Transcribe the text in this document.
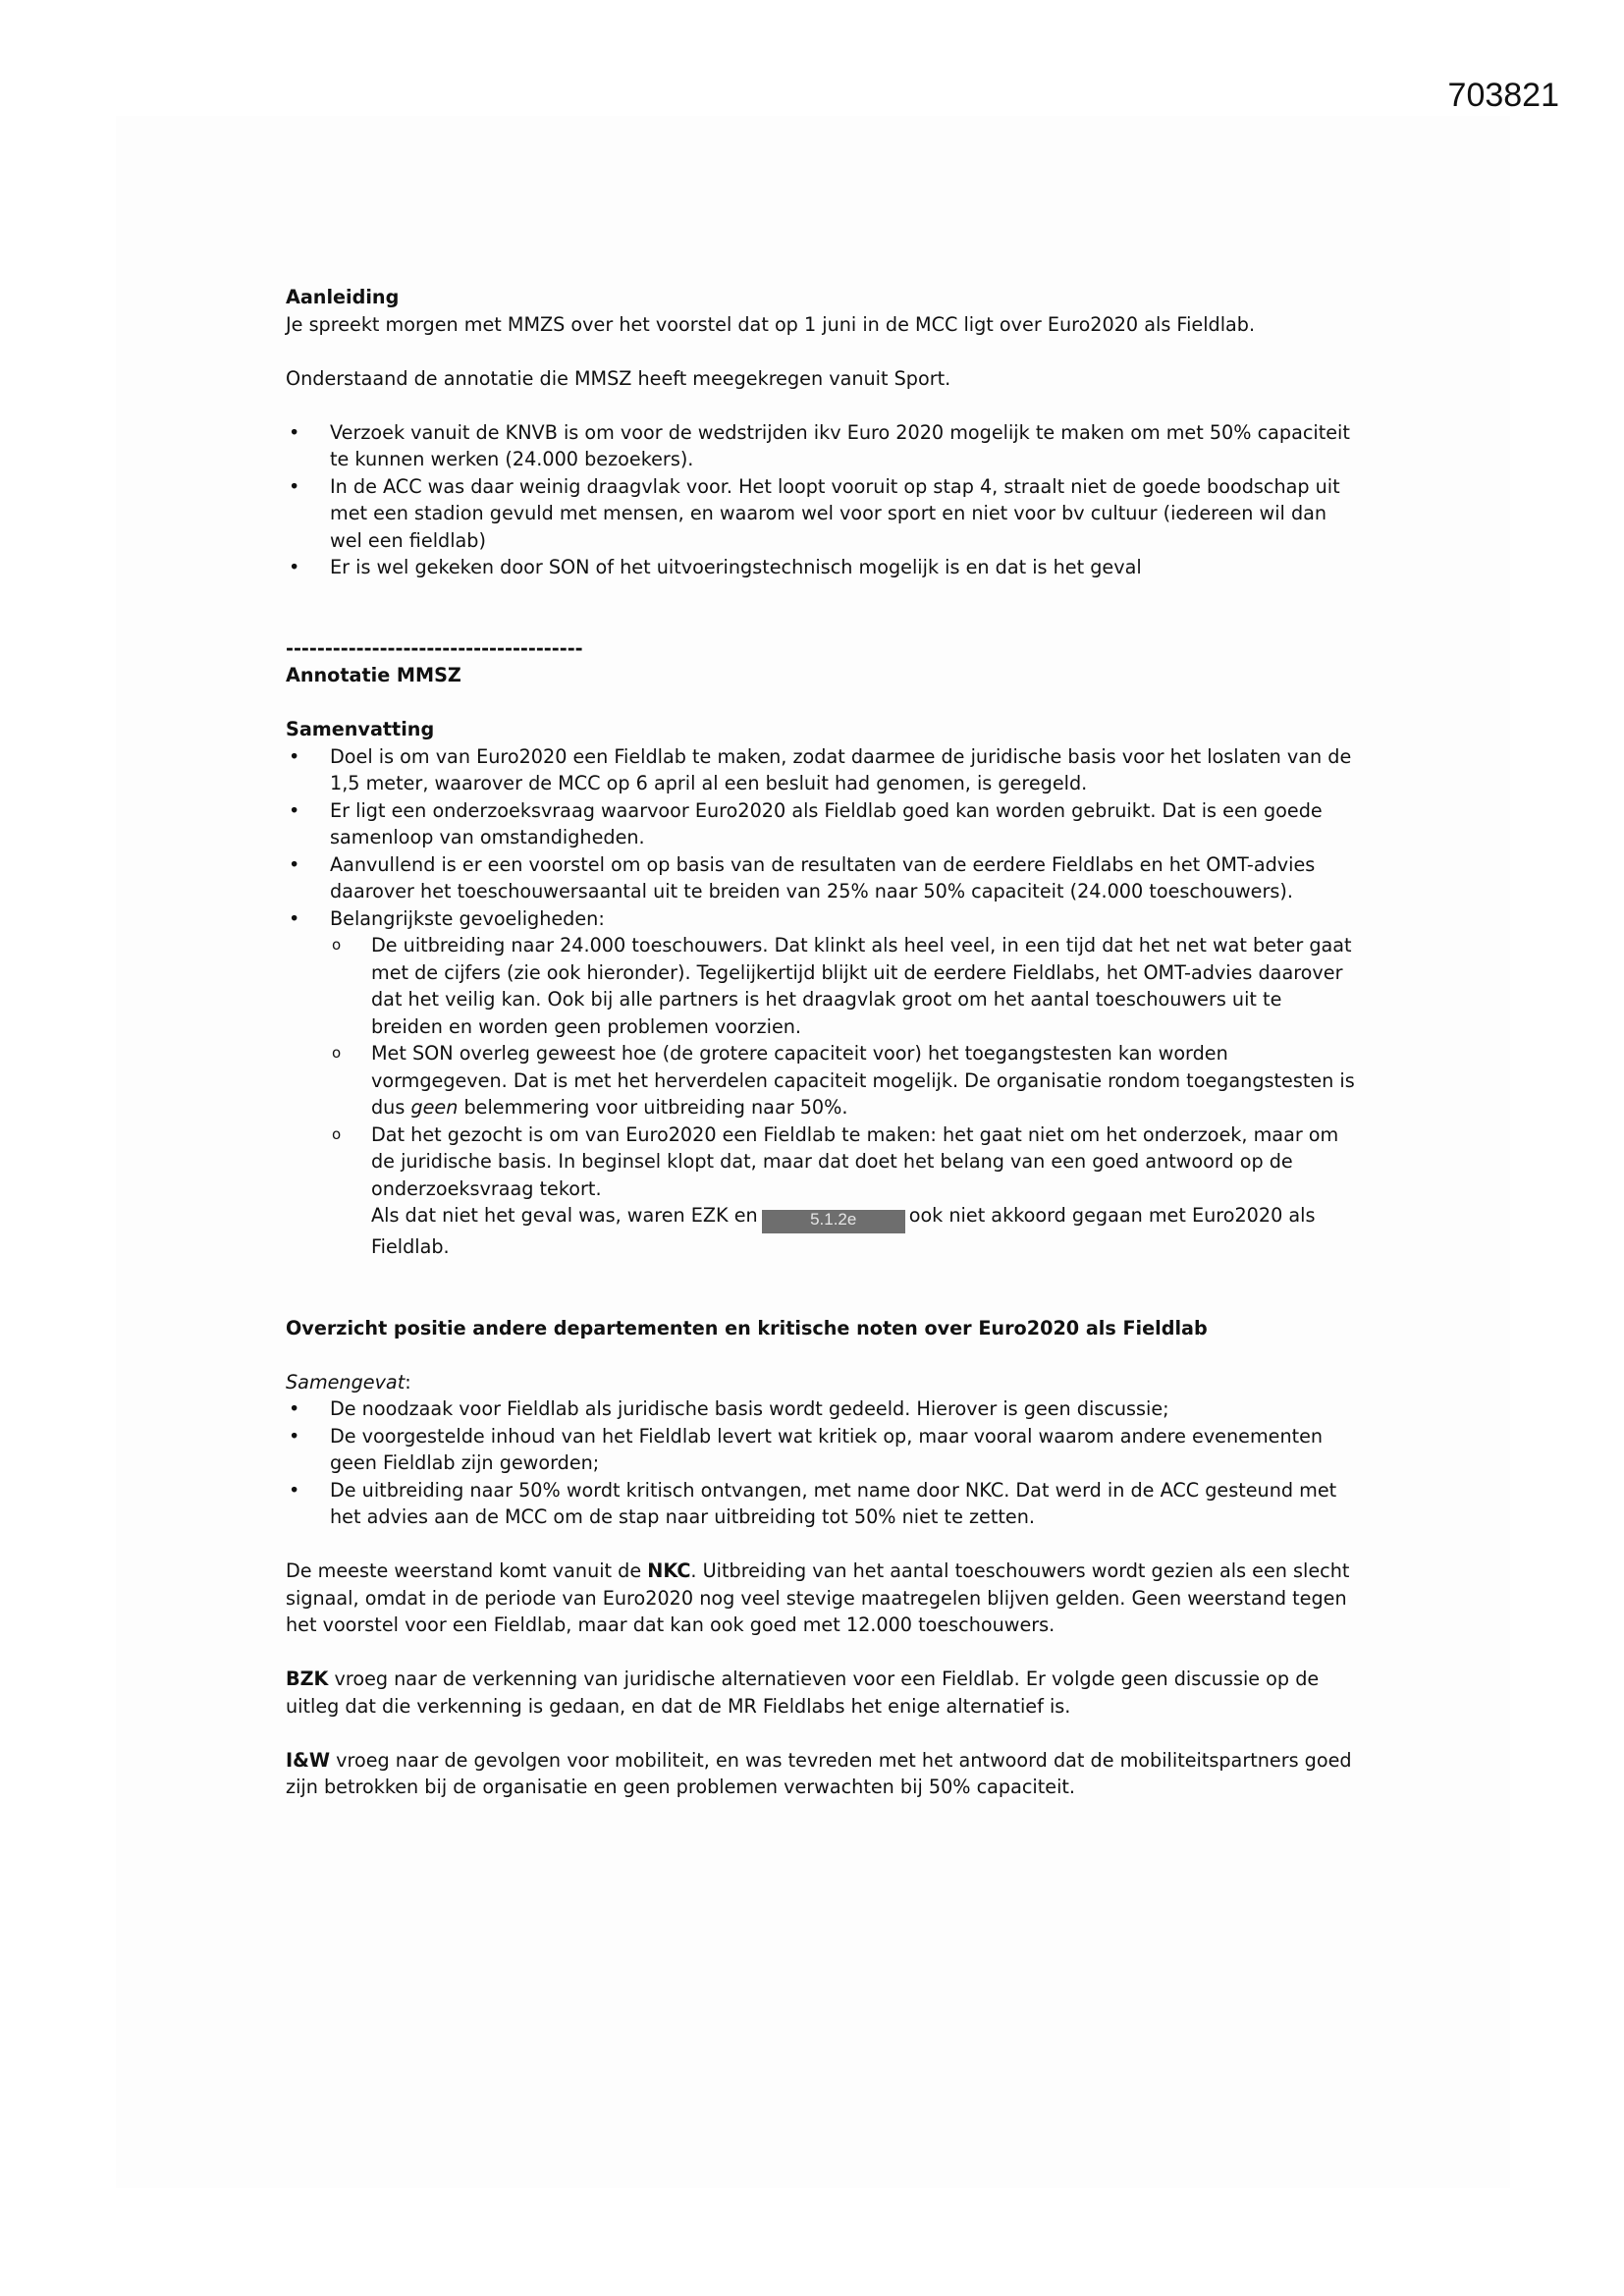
703821

Aanleiding

Je spreekt morgen met MMZS over het voorstel dat op 1 juni in de MCC ligt over Euro2020 als Fieldlab.

Onderstaand de annotatie die MMSZ heeft meegekregen vanuit Sport.

• Verzoek vanuit de KNVB is om voor de wedstrijden ikv Euro 2020 mogelijk te maken om met 50% capaciteit te kunnen werken (24.000 bezoekers).
• In de ACC was daar weinig draagvlak voor. Het loopt vooruit op stap 4, straalt niet de goede boodschap uit met een stadion gevuld met mensen, en waarom wel voor sport en niet voor bv cultuur (iedereen wil dan wel een fieldlab)
• Er is wel gekeken door SON of het uitvoeringstechnisch mogelijk is en dat is het geval

--------------------------------------

Annotatie MMSZ

Samenvatting

• Doel is om van Euro2020 een Fieldlab te maken, zodat daarmee de juridische basis voor het loslaten van de 1,5 meter, waarover de MCC op 6 april al een besluit had genomen, is geregeld.
• Er ligt een onderzoeksvraag waarvoor Euro2020 als Fieldlab goed kan worden gebruikt. Dat is een goede samenloop van omstandigheden.
• Aanvullend is er een voorstel om op basis van de resultaten van de eerdere Fieldlabs en het OMT-advies daarover het toeschouwersaantal uit te breiden van 25% naar 50% capaciteit (24.000 toeschouwers).
• Belangrijkste gevoeligheden:
o De uitbreiding naar 24.000 toeschouwers. Dat klinkt als heel veel, in een tijd dat het net wat beter gaat met de cijfers (zie ook hieronder). Tegelijkertijd blijkt uit de eerdere Fieldlabs, het OMT-advies daarover dat het veilig kan. Ook bij alle partners is het draagvlak groot om het aantal toeschouwers uit te breiden en worden geen problemen voorzien.
o Met SON overleg geweest hoe (de grotere capaciteit voor) het toegangstesten kan worden vormgegeven. Dat is met het herverdelen capaciteit mogelijk. De organisatie rondom toegangstesten is dus geen belemmering voor uitbreiding naar 50%.
o Dat het gezocht is om van Euro2020 een Fieldlab te maken: het gaat niet om het onderzoek, maar om de juridische basis. In beginsel klopt dat, maar dat doet het belang van een goed antwoord op de onderzoeksvraag tekort.
Als dat niet het geval was, waren EZK en	5.1.2e	ook niet akkoord gegaan met Euro2020 als Fieldlab.

Overzicht positie andere departementen en kritische noten over Euro2020 als Fieldlab

Samengevat:

• De noodzaak voor Fieldlab als juridische basis wordt gedeeld. Hierover is geen discussie;
• De voorgestelde inhoud van het Fieldlab levert wat kritiek op, maar vooral waarom andere evenementen geen Fieldlab zijn geworden;
• De uitbreiding naar 50% wordt kritisch ontvangen, met name door NKC. Dat werd in de ACC gesteund met het advies aan de MCC om de stap naar uitbreiding tot 50% niet te zetten.

De meeste weerstand komt vanuit de NKC. Uitbreiding van het aantal toeschouwers wordt gezien als een slecht signaal, omdat in de periode van Euro2020 nog veel stevige maatregelen blijven gelden. Geen weerstand tegen het voorstel voor een Fieldlab, maar dat kan ook goed met 12.000 toeschouwers.

BZK vroeg naar de verkenning van juridische alternatieven voor een Fieldlab. Er volgde geen discussie op de uitleg dat die verkenning is gedaan, en dat de MR Fieldlabs het enige alternatief is.

I&W vroeg naar de gevolgen voor mobiliteit, en was tevreden met het antwoord dat de mobiliteitspartners goed zijn betrokken bij de organisatie en geen problemen verwachten bij 50% capaciteit.
